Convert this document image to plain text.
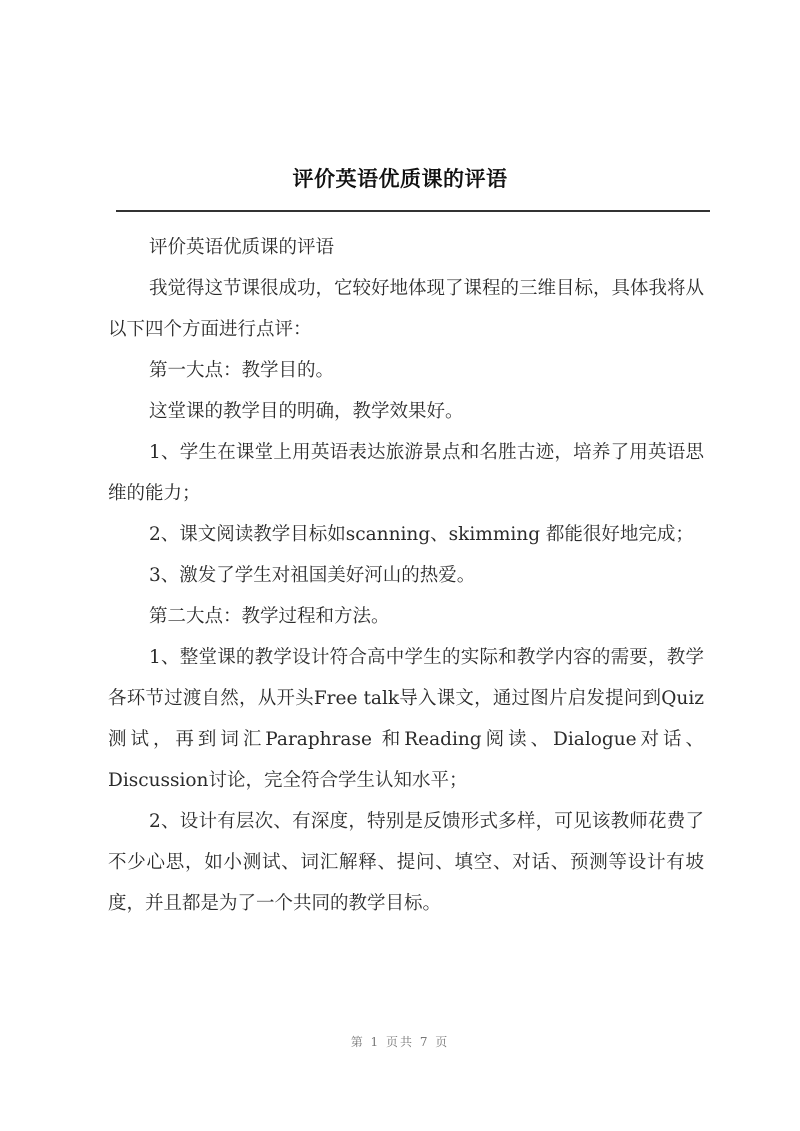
评价英语优质课的评语

评价英语优质课的评语

我觉得这节课很成功，它较好地体现了课程的三维目标，具体我将从以下四个方面进行点评：

第一大点：教学目的。

这堂课的教学目的明确，教学效果好。

1、学生在课堂上用英语表达旅游景点和名胜古迹，培养了用英语思维的能力；

2、课文阅读教学目标如scanning、skimming 都能很好地完成；

3、激发了学生对祖国美好河山的热爱。

第二大点：教学过程和方法。

1、整堂课的教学设计符合高中学生的实际和教学内容的需要，教学各环节过渡自然，从开头Free talk导入课文，通过图片启发提问到Quiz测试，再到词汇Paraphrase 和Reading阅读、Dialogue对话、Discussion讨论，完全符合学生认知水平；

2、设计有层次、有深度，特别是反馈形式多样，可见该教师花费了不少心思，如小测试、词汇解释、提问、填空、对话、预测等设计有坡度，并且都是为了一个共同的教学目标。

第 1 页共 7 页
